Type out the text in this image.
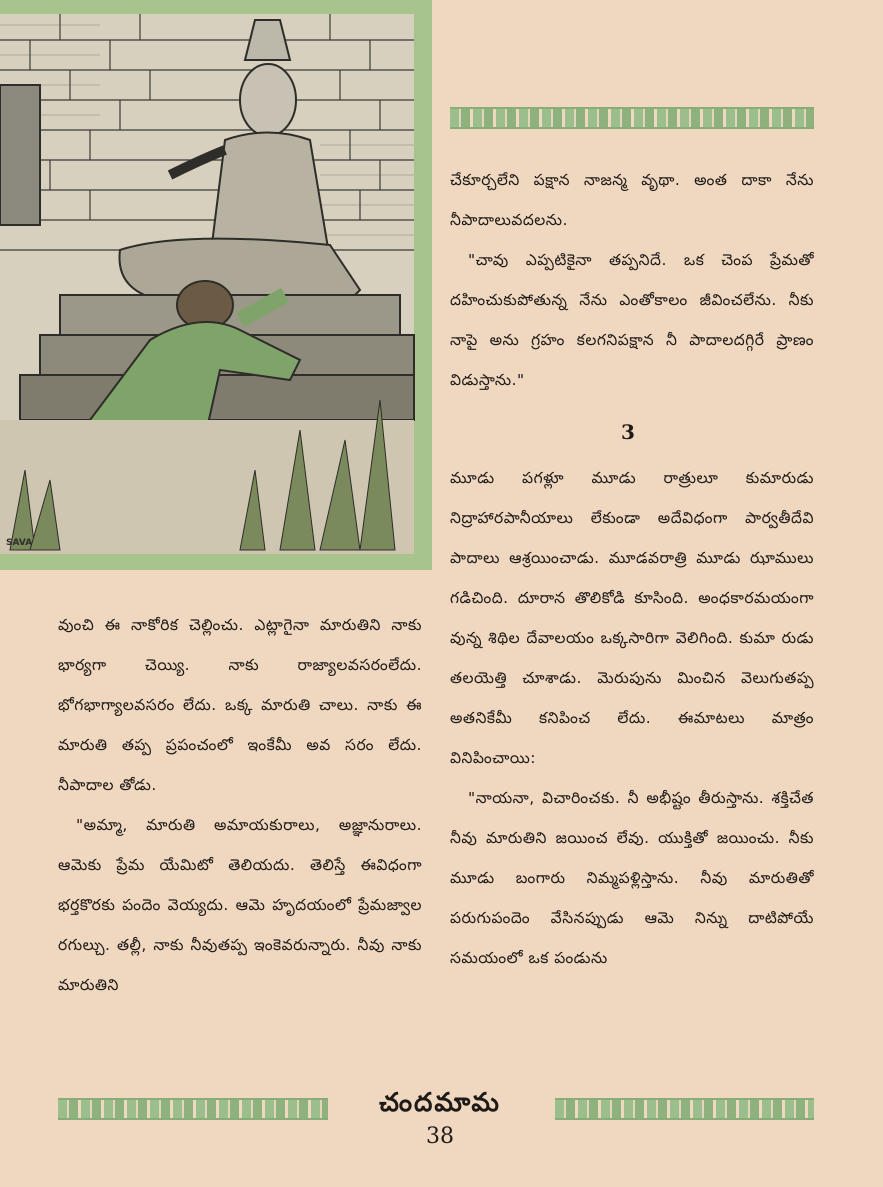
SAVA

చేకూర్చలేని పక్షాన నాజన్మ వృథా. అంత దాకా నేను నీపాదాలువదలను.

"చావు ఎప్పటికైనా తప్పనిదే. ఒక చెంప ప్రేమతో దహించుకుపోతున్న నేను ఎంతోకాలం జీవించలేను. నీకు నాపై అను గ్రహం కలగనిపక్షాన నీ పాదాలదగ్గిరే ప్రాణం విడుస్తాను."

3

మూడు పగళ్లూ మూడు రాత్రులూ కుమారుడు నిద్రాహారపానీయాలు లేకుండా అదేవిధంగా పార్వతీదేవి పాదాలు ఆశ్రయించాడు. మూడవరాత్రి మూడు ఝాములు గడిచింది. దూరాన తొలికోడి కూసింది. అంధకారమయంగా వున్న శిథిల దేవాలయం ఒక్కసారిగా వెలిగింది. కుమా రుడు తలయెత్తి చూశాడు. మెరుపును మించిన వెలుగుతప్ప అతనికేమీ కనిపించ లేదు. ఈమాటలు మాత్రం వినిపించాయి:

"నాయనా, విచారించకు. నీ అభీష్టం తీరుస్తాను. శక్తిచేత నీవు మారుతిని జయించ లేవు. యుక్తితో జయించు. నీకు మూడు బంగారు నిమ్మపళ్లిస్తాను. నీవు మారుతితో పరుగుపందెం వేసినప్పుడు ఆమె నిన్ను దాటిపోయే సమయంలో ఒక పండును

వుంచి ఈ నాకోరిక చెల్లించు. ఎట్లాగైనా మారుతిని నాకు భార్యగా చెయ్యి. నాకు రాజ్యాలవసరంలేదు. భోగభాగ్యాలవసరం లేదు. ఒక్క మారుతి చాలు. నాకు ఈ మారుతి తప్ప ప్రపంచంలో ఇంకేమీ అవ సరం లేదు. నీపాదాల తోడు.

"అమ్మా, మారుతి అమాయకురాలు, అజ్ఞానురాలు. ఆమెకు ప్రేమ యేమిటో తెలియదు. తెలిస్తే ఈవిధంగా భర్తకొరకు పందెం వెయ్యదు. ఆమె హృదయంలో ప్రేమజ్వాల రగుల్చు. తల్లీ, నాకు నీవుతప్ప ఇంకెవరున్నారు. నీవు నాకు మారుతిని

చందమామ
38
